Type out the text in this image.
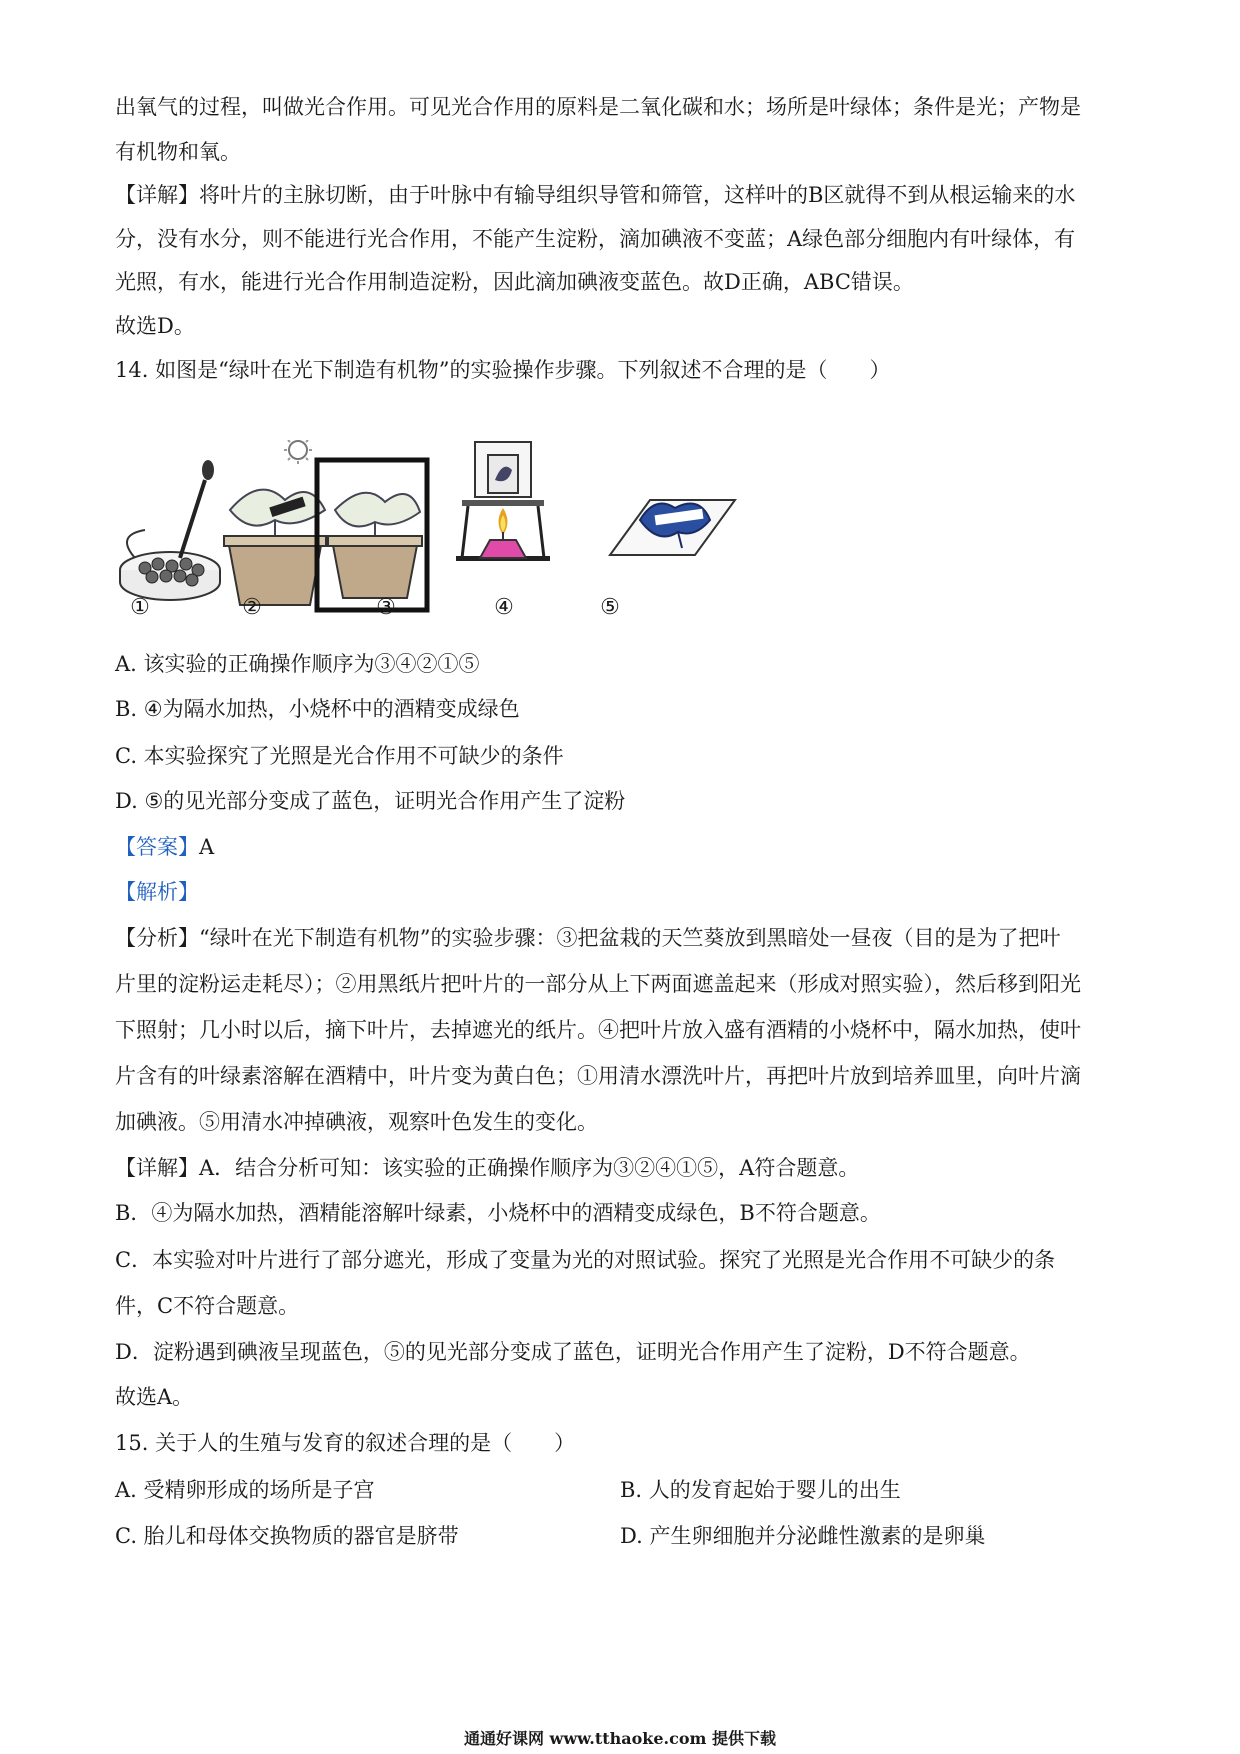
出氧气的过程，叫做光合作用。可见光合作用的原料是二氧化碳和水；场所是叶绿体；条件是光；产物是
有机物和氧。
【详解】将叶片的主脉切断，由于叶脉中有输导组织导管和筛管，这样叶的B区就得不到从根运输来的水
分，没有水分，则不能进行光合作用，不能产生淀粉，滴加碘液不变蓝；A绿色部分细胞内有叶绿体，有
光照，有水，能进行光合作用制造淀粉，因此滴加碘液变蓝色。故D正确，ABC错误。
故选D。
14. 如图是“绿叶在光下制造有机物”的实验操作步骤。下列叙述不合理的是（　　）
①	②	③	④	⑤
A. 该实验的正确操作顺序为③④②①⑤
B. ④为隔水加热，小烧杯中的酒精变成绿色
C. 本实验探究了光照是光合作用不可缺少的条件
D. ⑤的见光部分变成了蓝色，证明光合作用产生了淀粉
【答案】A
【解析】
【分析】“绿叶在光下制造有机物”的实验步骤：③把盆栽的天竺葵放到黑暗处一昼夜（目的是为了把叶
片里的淀粉运走耗尽）；②用黑纸片把叶片的一部分从上下两面遮盖起来（形成对照实验），然后移到阳光
下照射；几小时以后，摘下叶片，去掉遮光的纸片。④把叶片放入盛有酒精的小烧杯中，隔水加热，使叶
片含有的叶绿素溶解在酒精中，叶片变为黄白色；①用清水漂洗叶片，再把叶片放到培养皿里，向叶片滴
加碘液。⑤用清水冲掉碘液，观察叶色发生的变化。
【详解】A．结合分析可知：该实验的正确操作顺序为③②④①⑤，A符合题意。
B．④为隔水加热，酒精能溶解叶绿素，小烧杯中的酒精变成绿色，B不符合题意。
C．本实验对叶片进行了部分遮光，形成了变量为光的对照试验。探究了光照是光合作用不可缺少的条
件，C不符合题意。
D．淀粉遇到碘液呈现蓝色，⑤的见光部分变成了蓝色，证明光合作用产生了淀粉，D不符合题意。
故选A。
15. 关于人的生殖与发育的叙述合理的是（　　）
A. 受精卵形成的场所是子宫	B. 人的发育起始于婴儿的出生
C. 胎儿和母体交换物质的器官是脐带	D. 产生卵细胞并分泌雌性激素的是卵巢
通通好课网 www.tthaoke.com 提供下载
